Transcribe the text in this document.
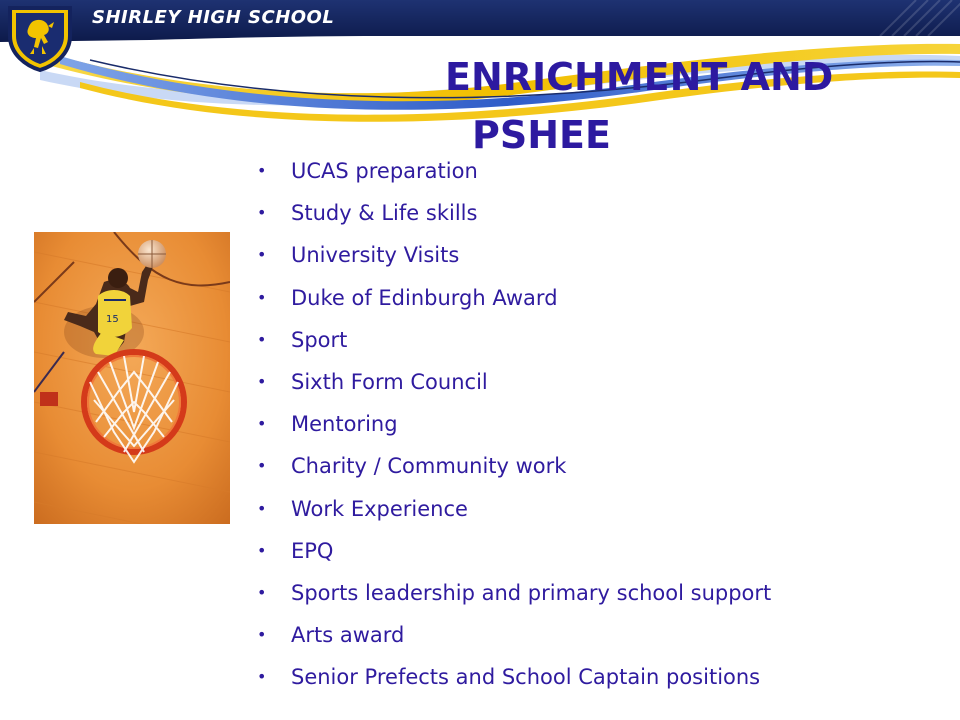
SHIRLEY HIGH SCHOOL
ENRICHMENT AND
PSHEE
15
• UCAS preparation
• Study & Life skills
• University Visits
• Duke of Edinburgh Award
• Sport
• Sixth Form Council
• Mentoring
• Charity / Community work
• Work Experience
• EPQ
• Sports leadership and primary school support
• Arts award
• Senior Prefects and School Captain positions
